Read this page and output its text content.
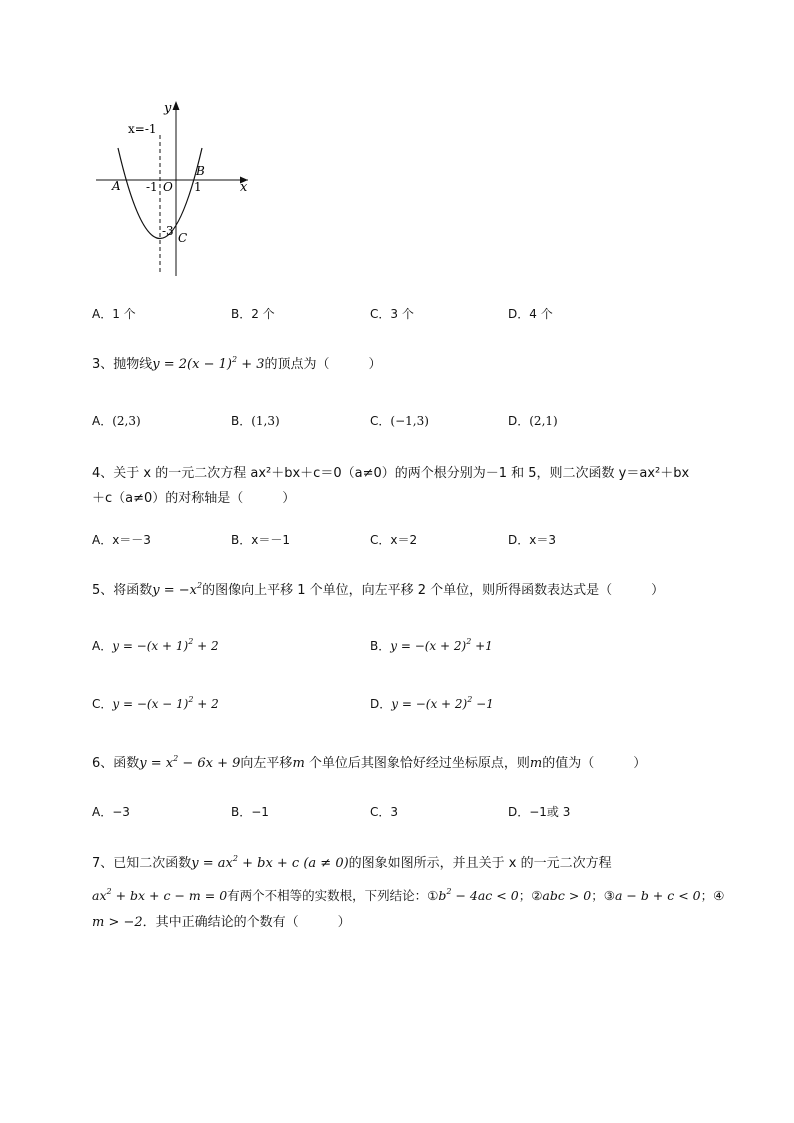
y
x
x=-1
A
B
C
O
-1	1
-3
A．1 个	B．2 个	C．3 个	D．4 个
3、抛物线$y = 2(x - 1)^2 + 3$的顶点为（　　　）
A．(2,3)	B．(1,3)	C．(−1,3)	D．(2,1)
4、关于 x 的一元二次方程 ax²＋bx＋c＝0（a≠0）的两个根分别为－1 和 5，则二次函数 y＝ax²＋bx
＋c（a≠0）的对称轴是（　　　）
A．x＝－3	B．x＝－1	C．x＝2	D．x＝3
5、将函数$y = -x^2$的图像向上平移 1 个单位，向左平移 2 个单位，则所得函数表达式是（　　　）
A．$y = -(x + 1)^2 + 2$	B．$y = -(x + 2)^2 +1$
C．$y = -(x - 1)^2 + 2$	D．$y = -(x + 2)^2 -1$
6、函数$y = x^2 - 6x + 9$向左平移m 个单位后其图象恰好经过坐标原点，则m的值为（　　　）
A．−3	B．−1	C．3	D．−1或 3
7、已知二次函数$y = ax^2$ + bx + c (a ≠ 0)的图象如图所示，并且关于 x 的一元二次方程
$ax^2$ + bx + c − m = 0有两个不相等的实数根，下列结论：$①b^2 - 4ac < 0$；②abc > 0；③a − b + c < 0；④
m > −2．其中正确结论的个数有（　　　）
